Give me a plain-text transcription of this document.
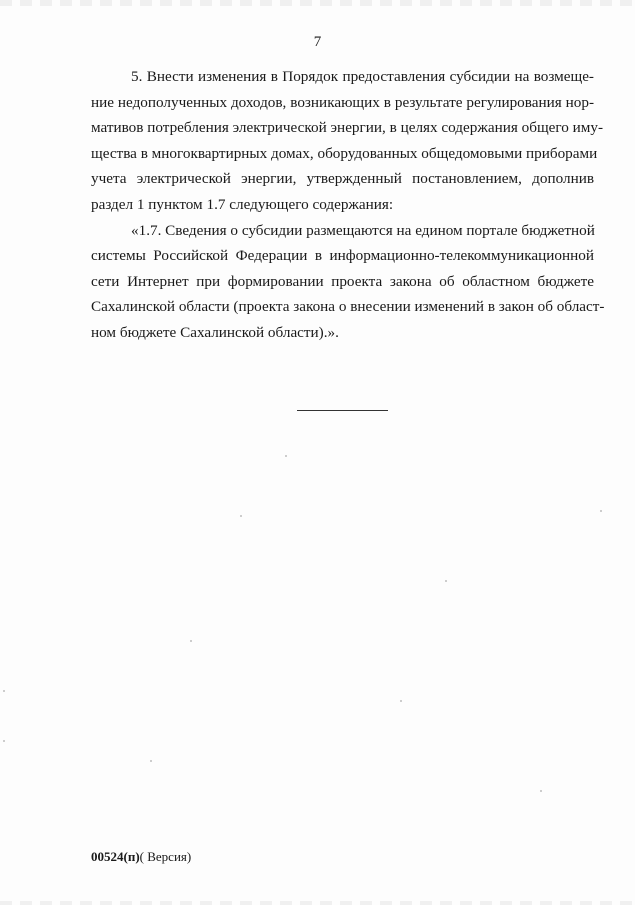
7
5. Внести изменения в Порядок предоставления субсидии на возмеще-
ние недополученных доходов, возникающих в результате регулирования нор-
мативов потребления электрической энергии, в целях содержания общего иму-
щества в многоквартирных домах, оборудованных общедомовыми приборами
учета электрической энергии, утвержденный постановлением, дополнив
раздел 1 пунктом 1.7 следующего содержания:
«1.7. Сведения о субсидии размещаются на едином портале бюджетной
системы Российской Федерации в информационно-телекоммуникационной
сети Интернет при формировании проекта закона об областном бюджете
Сахалинской области (проекта закона о внесении изменений в закон об област-
ном бюджете Сахалинской области).».
00524(п)( Версия)
